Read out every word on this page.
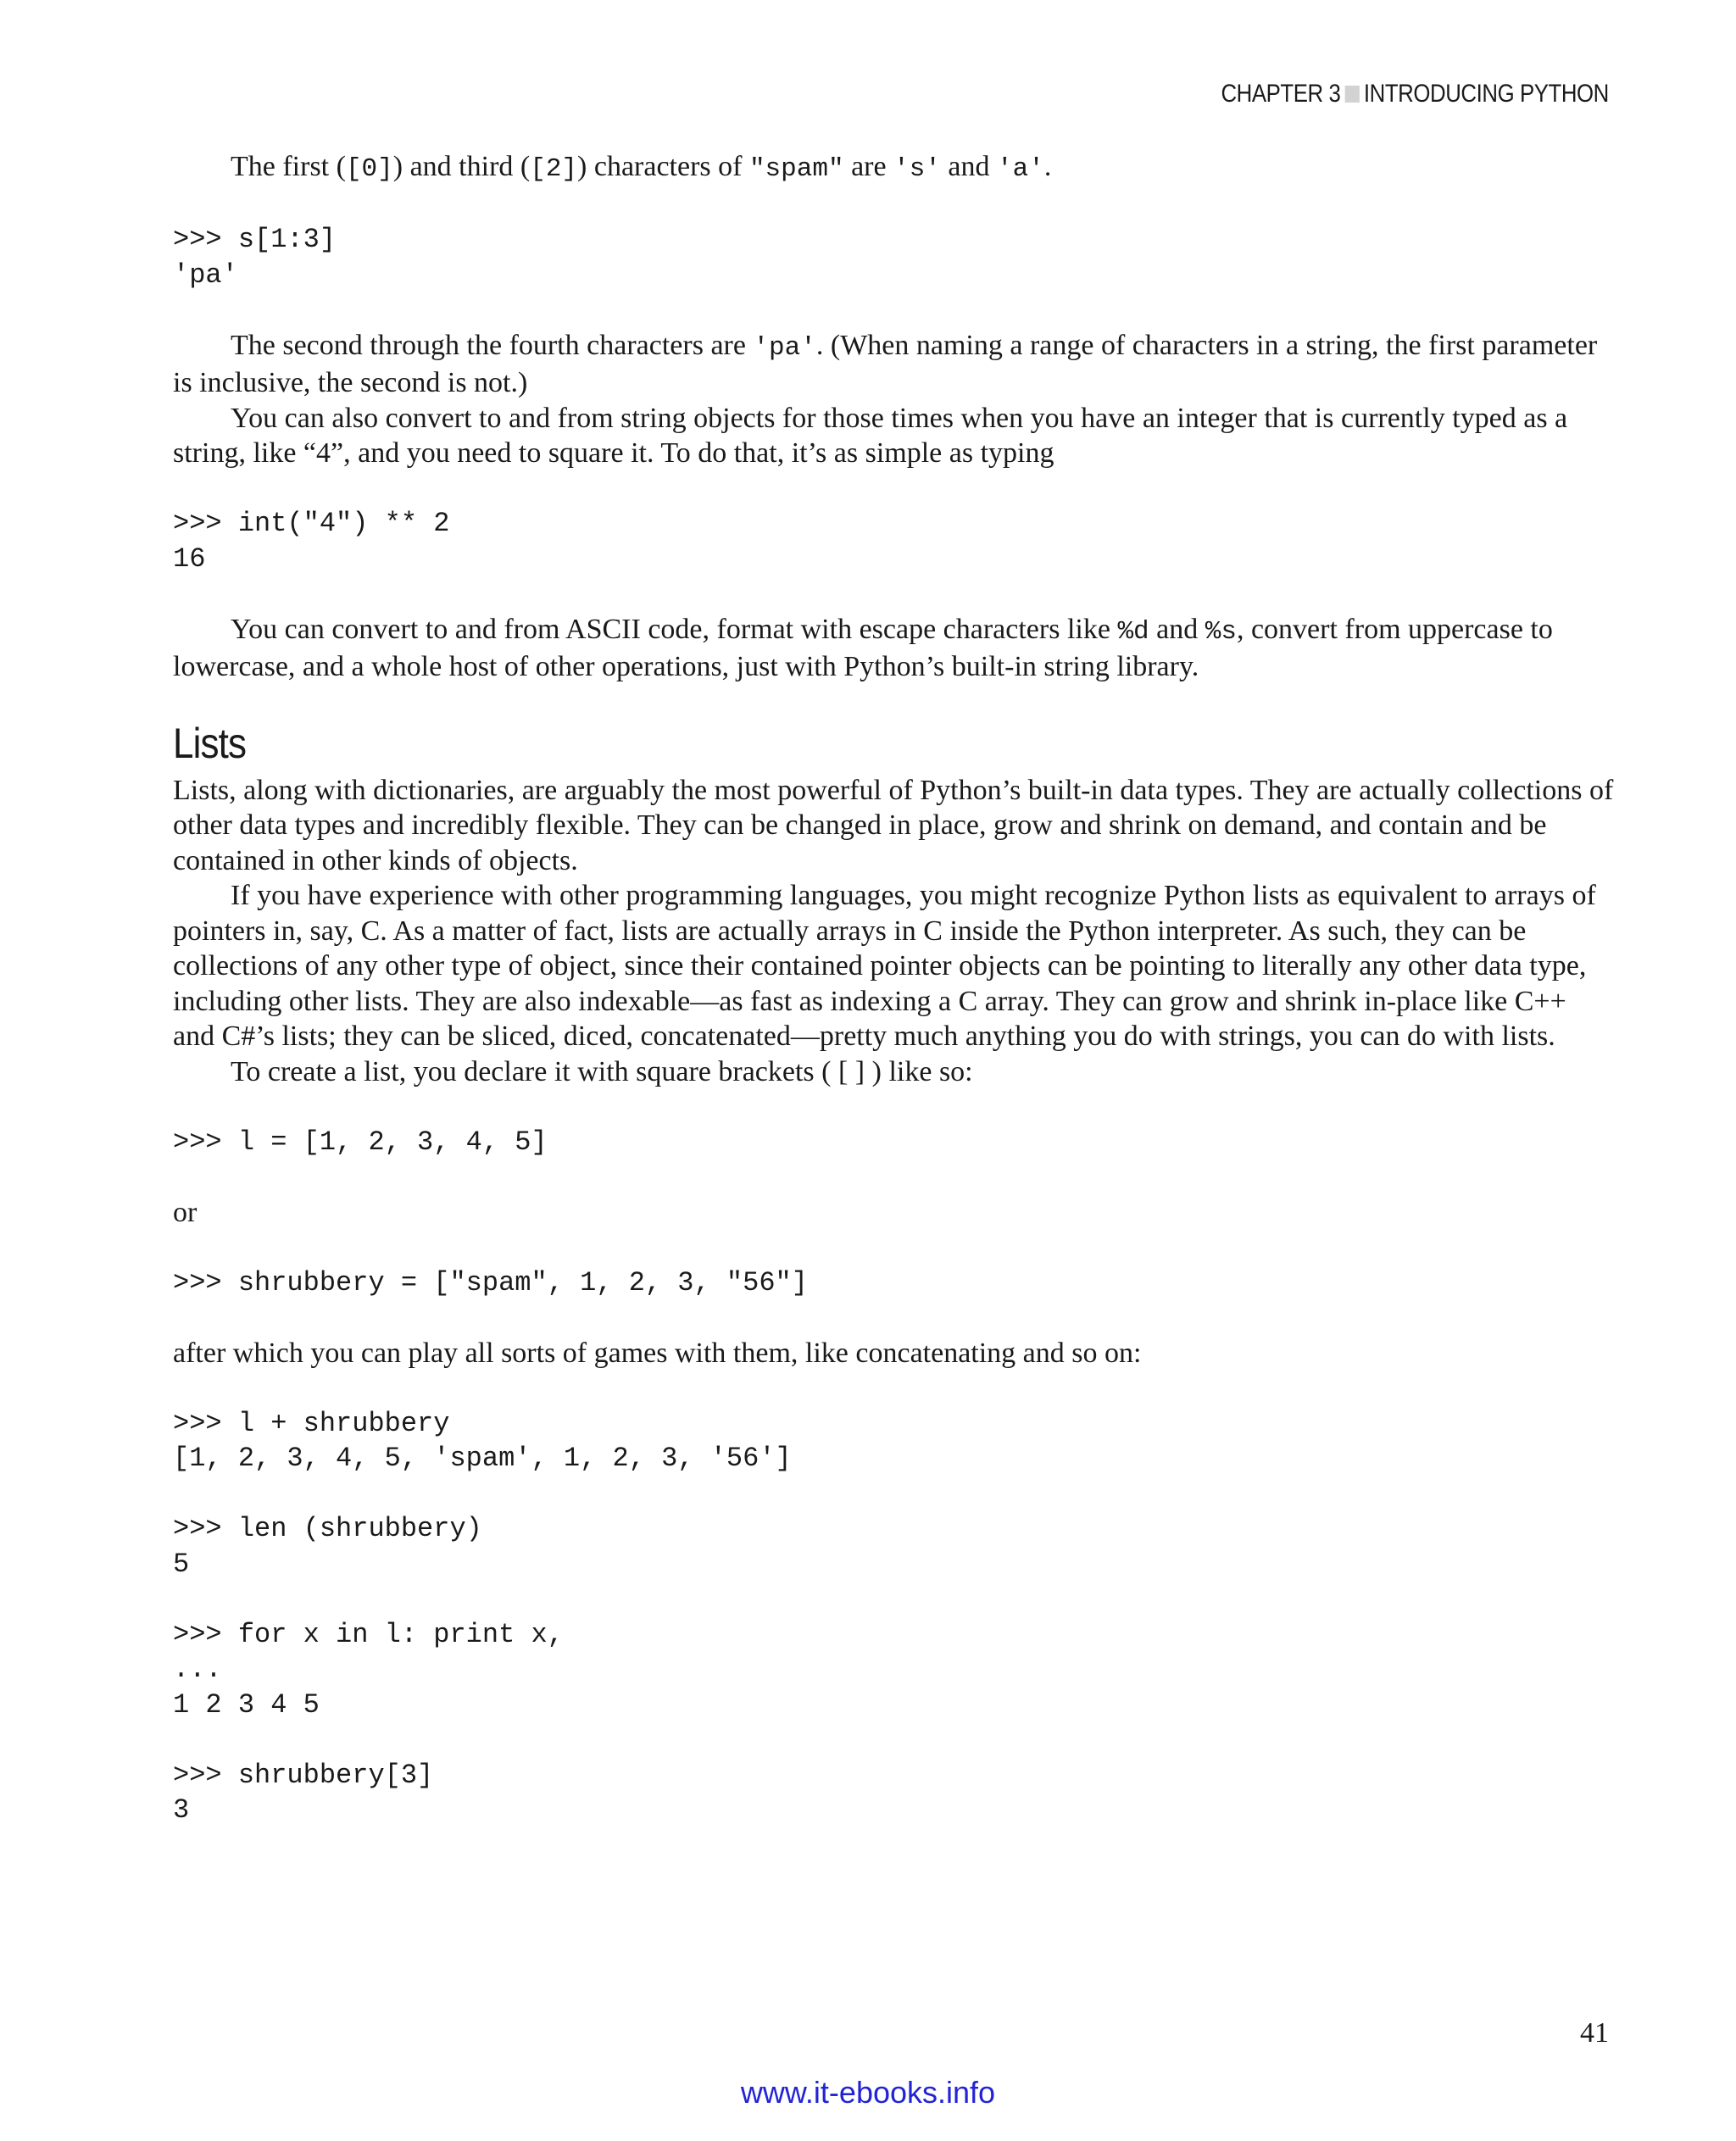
CHAPTER 3 INTRODUCING PYTHON

The first ([0]) and third ([2]) characters of "spam" are 's' and 'a'.

>>> s[1:3]
'pa'

The second through the fourth characters are 'pa'. (When naming a range of characters in a string, the first parameter is inclusive, the second is not.)

You can also convert to and from string objects for those times when you have an integer that is currently typed as a string, like “4”, and you need to square it. To do that, it’s as simple as typing

>>> int("4") ** 2
16

You can convert to and from ASCII code, format with escape characters like %d and %s, convert from uppercase to lowercase, and a whole host of other operations, just with Python’s built-in string library.

Lists

Lists, along with dictionaries, are arguably the most powerful of Python’s built-in data types. They are actually collections of other data types and incredibly flexible. They can be changed in place, grow and shrink on demand, and contain and be contained in other kinds of objects.

If you have experience with other programming languages, you might recognize Python lists as equivalent to arrays of pointers in, say, C. As a matter of fact, lists are actually arrays in C inside the Python interpreter. As such, they can be collections of any other type of object, since their contained pointer objects can be pointing to literally any other data type, including other lists. They are also indexable—as fast as indexing a C array. They can grow and shrink in-place like C++ and C#’s lists; they can be sliced, diced, concatenated—pretty much anything you do with strings, you can do with lists.

To create a list, you declare it with square brackets ( [ ] ) like so:

>>> l = [1, 2, 3, 4, 5]

or

>>> shrubbery = ["spam", 1, 2, 3, "56"]

after which you can play all sorts of games with them, like concatenating and so on:

>>> l + shrubbery
[1, 2, 3, 4, 5, 'spam', 1, 2, 3, '56']
>>> len (shrubbery)
5
>>> for x in l: print x,
...
1 2 3 4 5
>>> shrubbery[3]
3
41
www.it-ebooks.info
